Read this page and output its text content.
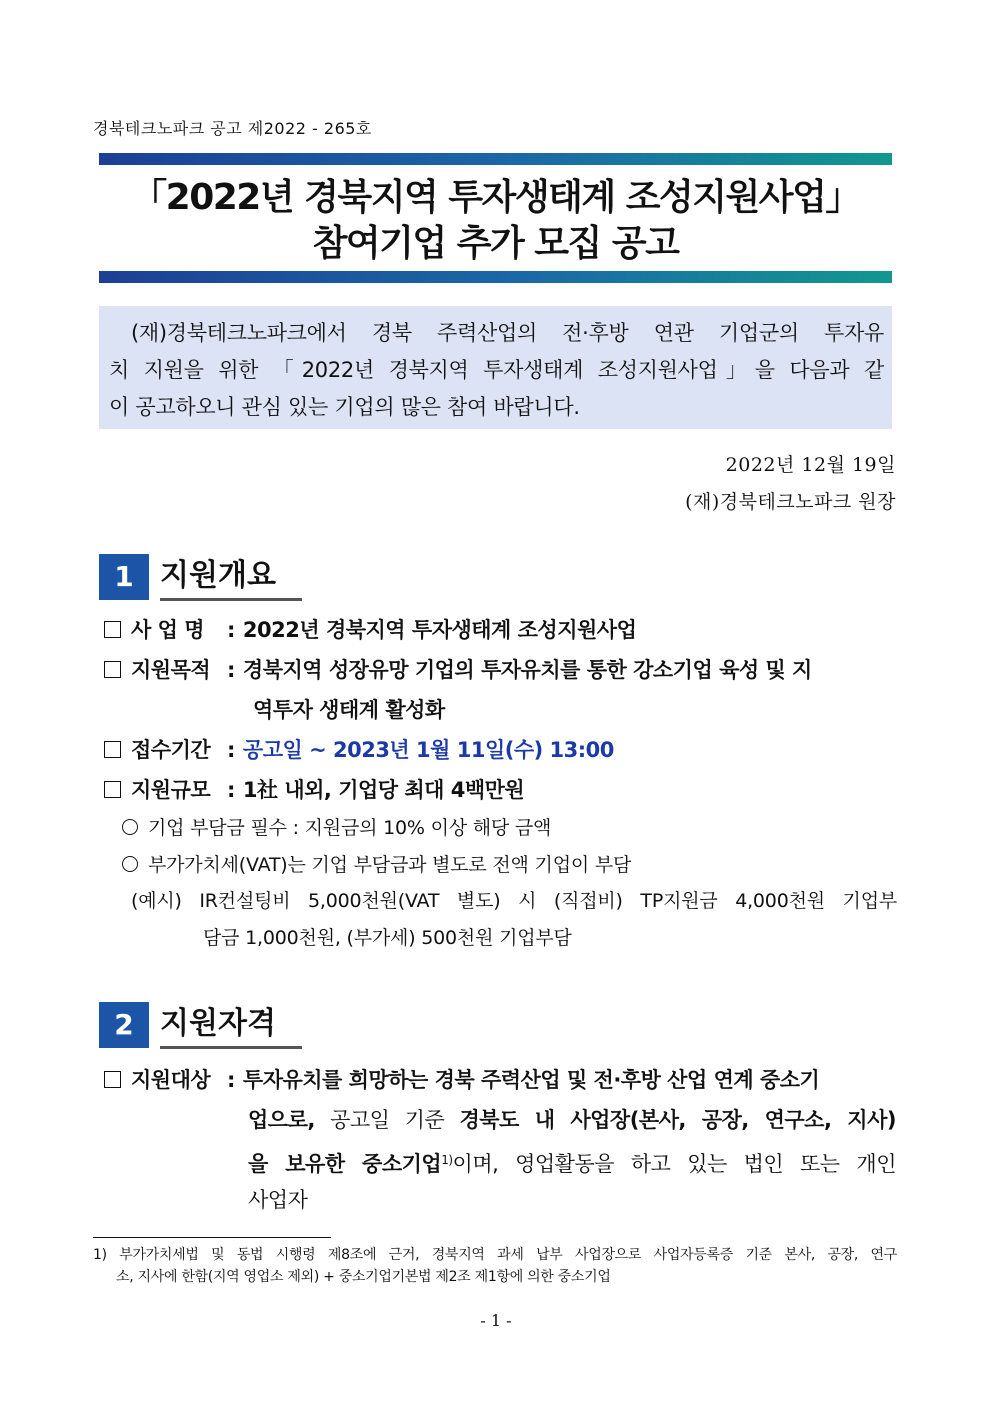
경북테크노파크 공고 제2022 - 265호
「2022년 경북지역 투자생태계 조성지원사업」
참여기업 추가 모집 공고

(재)경북테크노파크에서 경북 주력산업의 전·후방 연관 기업군의 투자유
치 지원을 위한 「2022년 경북지역 투자생태계 조성지원사업」을 다음과 같
이 공고하오니 관심 있는 기업의 많은 참여 바랍니다.

2022년 12월 19일
(재)경북테크노파크 원장
1 지원개요
사 업 명 : 2022년 경북지역 투자생태계 조성지원사업
지원목적 : 경북지역 성장유망 기업의 투자유치를 통한 강소기업 육성 및 지
역투자 생태계 활성화
접수기간 : 공고일 ~ 2023년 1월 11일(수) 13:00
지원규모 : 1社 내외, 기업당 최대 4백만원
기업 부담금 필수 : 지원금의 10% 이상 해당 금액
부가가치세(VAT)는 기업 부담금과 별도로 전액 기업이 부담
(예시) IR컨설팅비 5,000천원(VAT 별도) 시 (직접비) TP지원금 4,000천원 기업부
담금 1,000천원, (부가세) 500천원 기업부담
2 지원자격
지원대상 : 투자유치를 희망하는 경북 주력산업 및 전·후방 산업 연계 중소기
업으로, 공고일 기준 경북도 내 사업장(본사, 공장, 연구소, 지사)
을 보유한 중소기업$^{1)}$이며, 영업활동을 하고 있는 법인 또는 개인
사업자
1) 부가가치세법 및 동법 시행령 제8조에 근거, 경북지역 과세 납부 사업장으로 사업자등록증 기준 본사, 공장, 연구
소, 지사에 한함(지역 영업소 제외) + 중소기업기본법 제2조 제1항에 의한 중소기업
- 1 -
